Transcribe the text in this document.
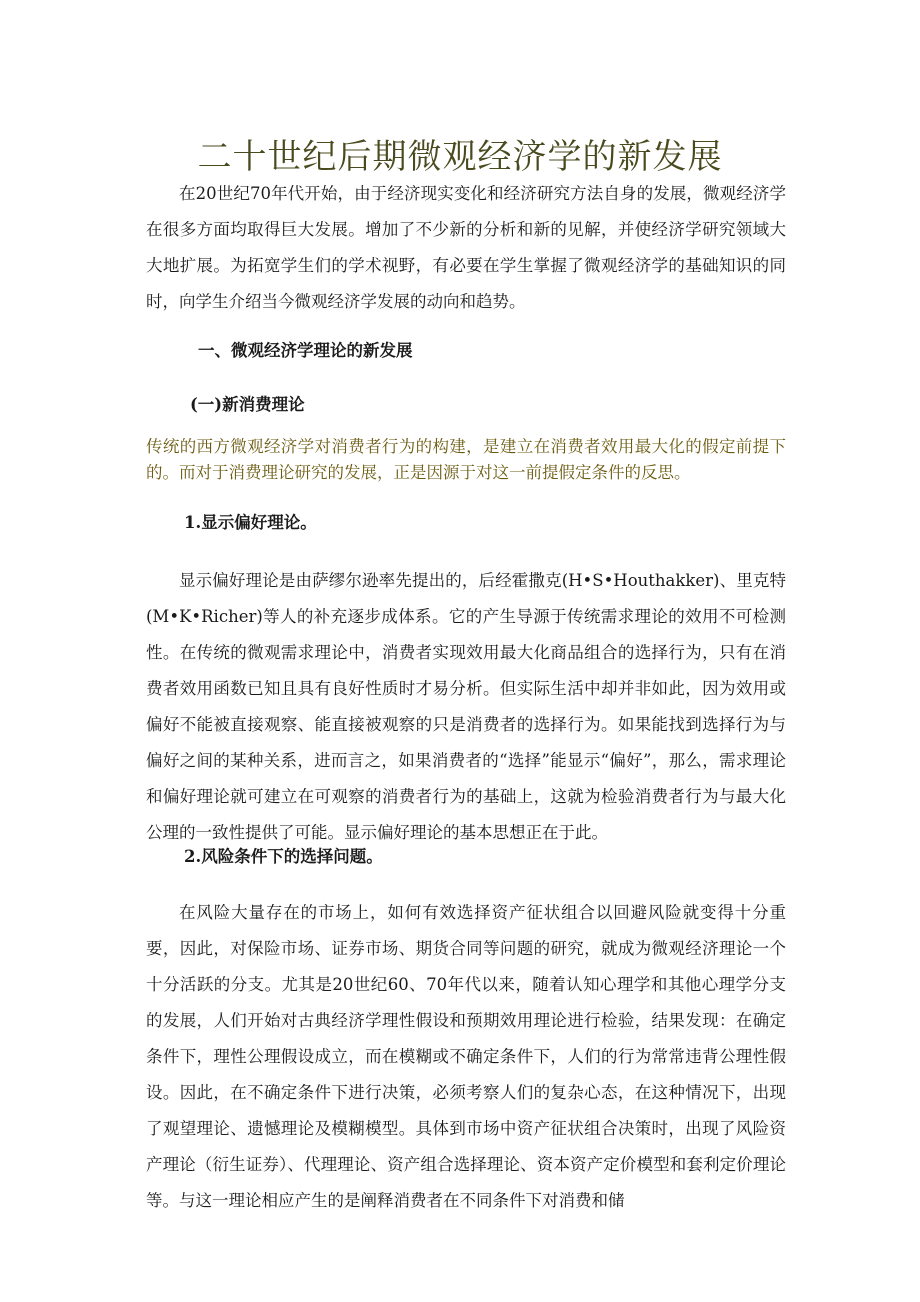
二十世纪后期微观经济学的新发展

在20世纪70年代开始，由于经济现实变化和经济研究方法自身的发展，微观经济学在很多方面均取得巨大发展。增加了不少新的分析和新的见解，并使经济学研究领域大大地扩展。为拓宽学生们的学术视野，有必要在学生掌握了微观经济学的基础知识的同时，向学生介绍当今微观经济学发展的动向和趋势。

一、微观经济学理论的新发展
(一)新消费理论

传统的西方微观经济学对消费者行为的构建，是建立在消费者效用最大化的假定前提下的。而对于消费理论研究的发展，正是因源于对这一前提假定条件的反思。

1.显示偏好理论。

显示偏好理论是由萨缪尔逊率先提出的，后经霍撒克(H•S•Houthakker)、里克特(M•K•Richer)等人的补充逐步成体系。它的产生导源于传统需求理论的效用不可检测性。在传统的微观需求理论中，消费者实现效用最大化商品组合的选择行为，只有在消费者效用函数已知且具有良好性质时才易分析。但实际生活中却并非如此，因为效用或偏好不能被直接观察、能直接被观察的只是消费者的选择行为。如果能找到选择行为与偏好之间的某种关系，进而言之，如果消费者的“选择”能显示“偏好”，那么，需求理论和偏好理论就可建立在可观察的消费者行为的基础上，这就为检验消费者行为与最大化公理的一致性提供了可能。显示偏好理论的基本思想正在于此。

2.风险条件下的选择问题。

在风险大量存在的市场上，如何有效选择资产征状组合以回避风险就变得十分重要，因此，对保险市场、证券市场、期货合同等问题的研究，就成为微观经济理论一个十分活跃的分支。尤其是20世纪60、70年代以来，随着认知心理学和其他心理学分支的发展，人们开始对古典经济学理性假设和预期效用理论进行检验，结果发现：在确定条件下，理性公理假设成立，而在模糊或不确定条件下，人们的行为常常违背公理性假设。因此，在不确定条件下进行决策，必须考察人们的复杂心态，在这种情况下，出现了观望理论、遗憾理论及模糊模型。具体到市场中资产征状组合决策时，出现了风险资产理论（衍生证券）、代理理论、资产组合选择理论、资本资产定价模型和套利定价理论等。与这一理论相应产生的是阐释消费者在不同条件下对消费和储
